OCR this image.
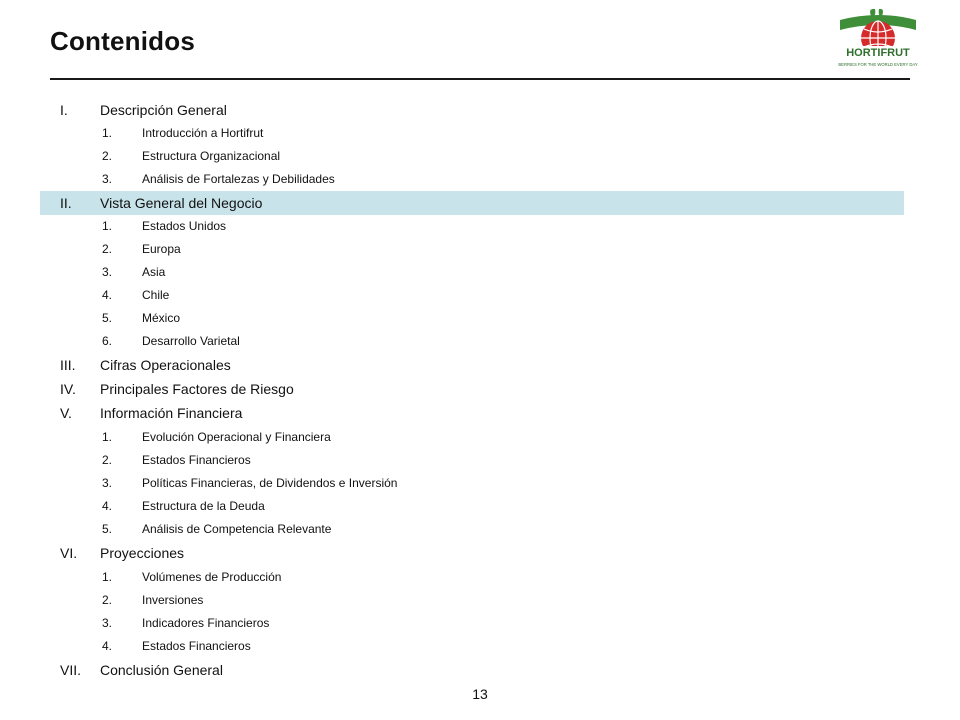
Contenidos	HORTIFRUT
BERRIES FOR THE WORLD EVERY DAY
I. Descripción General
1. Introducción a Hortifrut
2. Estructura Organizacional
3. Análisis de Fortalezas y Debilidades
II. Vista General del Negocio
1. Estados Unidos
2. Europa
3. Asia
4. Chile
5. México
6. Desarrollo Varietal
III. Cifras Operacionales
IV. Principales Factores de Riesgo
V. Información Financiera
1. Evolución Operacional y Financiera
2. Estados Financieros
3. Políticas Financieras, de Dividendos e Inversión
4. Estructura de la Deuda
5. Análisis de Competencia Relevante
VI. Proyecciones
1. Volúmenes de Producción
2. Inversiones
3. Indicadores Financieros
4. Estados Financieros
VII. Conclusión General
13
